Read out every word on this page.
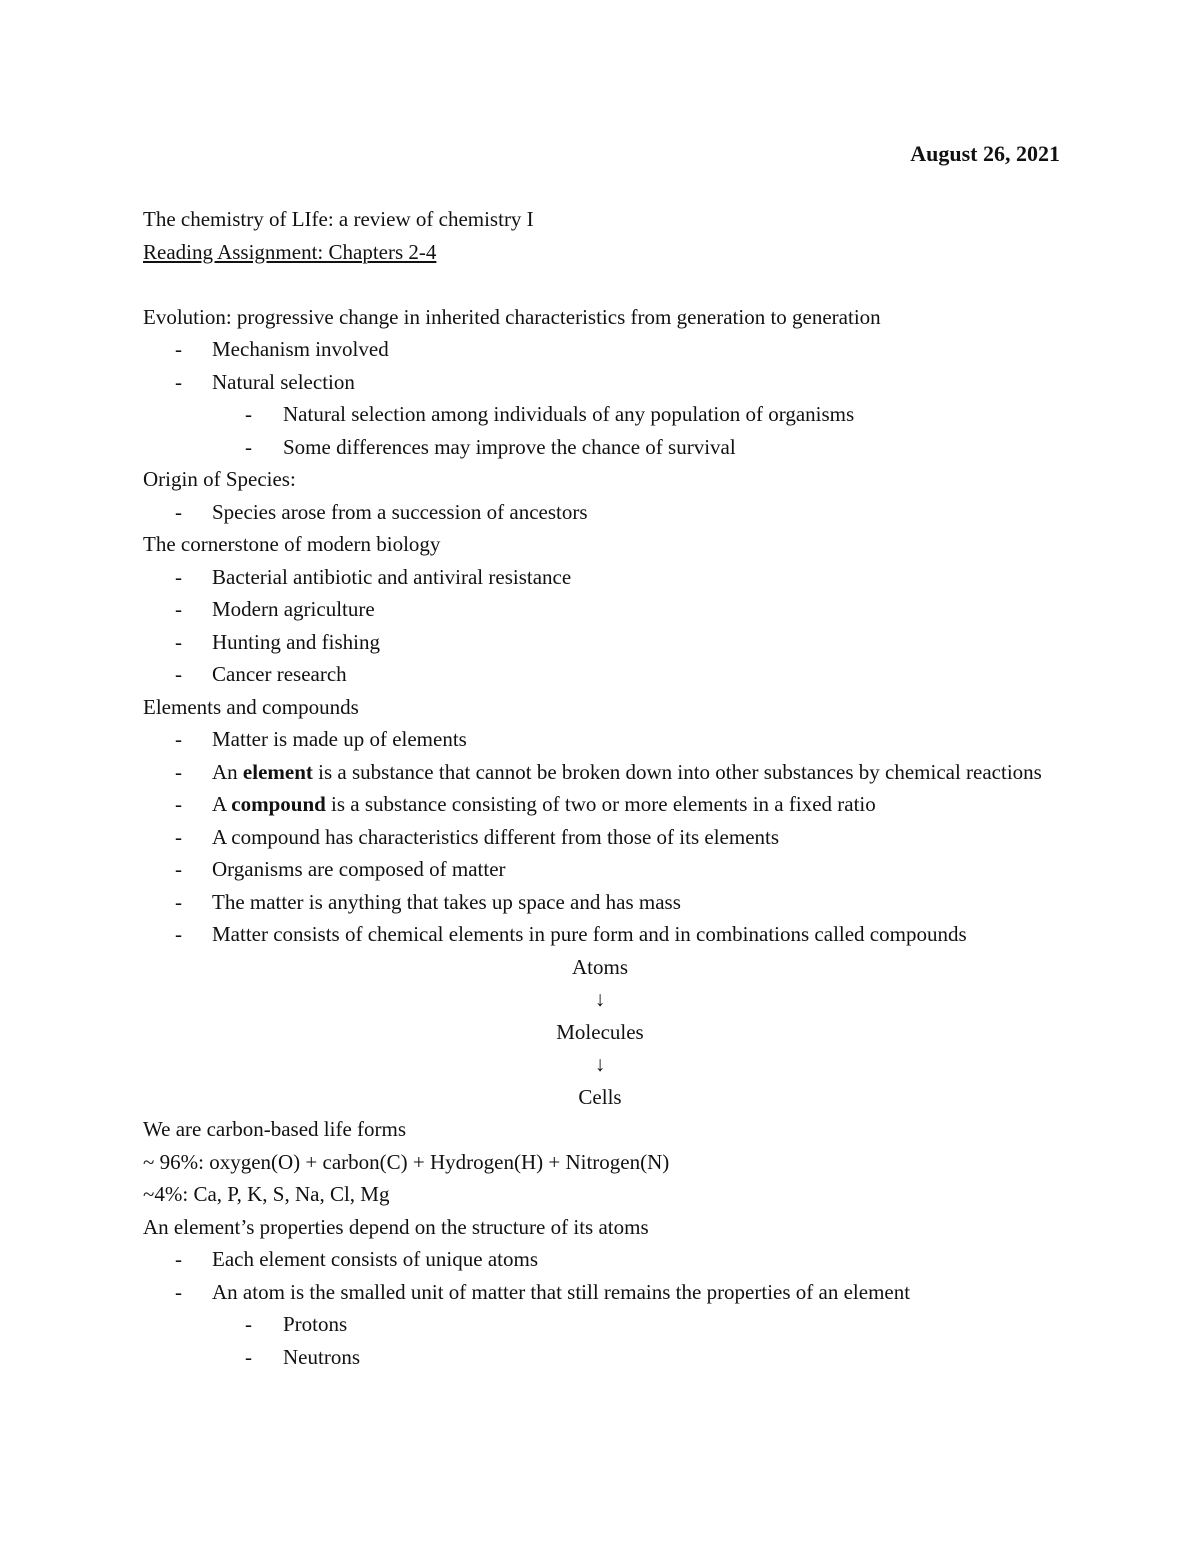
August 26, 2021
The chemistry of LIfe: a review of chemistry I
Reading Assignment: Chapters 2-4
Evolution: progressive change in inherited characteristics from generation to generation
- Mechanism involved
- Natural selection
- Natural selection among individuals of any population of organisms
- Some differences may improve the chance of survival
Origin of Species:
- Species arose from a succession of ancestors
The cornerstone of modern biology
- Bacterial antibiotic and antiviral resistance
- Modern agriculture
- Hunting and fishing
- Cancer research
Elements and compounds
- Matter is made up of elements
- An element is a substance that cannot be broken down into other substances by chemical reactions
- A compound is a substance consisting of two or more elements in a fixed ratio
- A compound has characteristics different from those of its elements
- Organisms are composed of matter
- The matter is anything that takes up space and has mass
- Matter consists of chemical elements in pure form and in combinations called compounds
Atoms
↓
Molecules
↓
Cells
We are carbon-based life forms
~ 96%: oxygen(O) + carbon(C) + Hydrogen(H) + Nitrogen(N)
~4%: Ca, P, K, S, Na, Cl, Mg
An element’s properties depend on the structure of its atoms
- Each element consists of unique atoms
- An atom is the smalled unit of matter that still remains the properties of an element
- Protons
- Neutrons
